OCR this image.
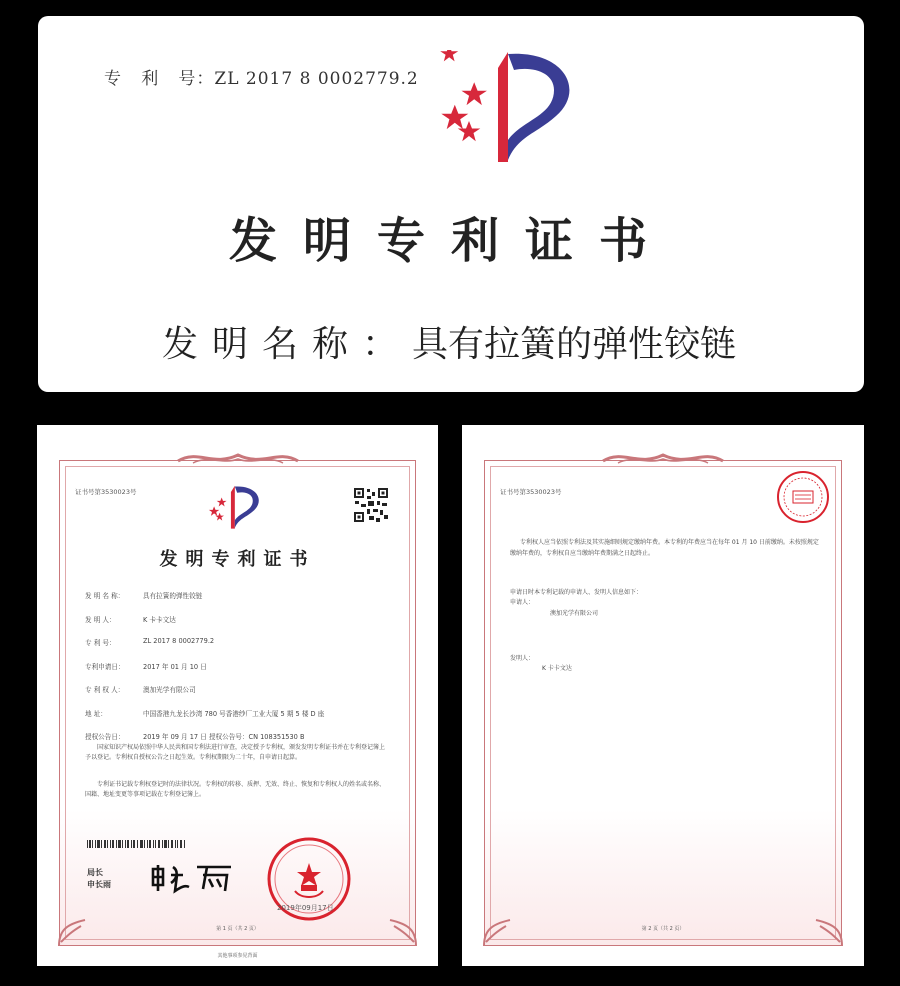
专   利   号：ZL 2017 8 0002779.2
发明专利证书
发明名称：具有拉簧的弹性铰链
证书号第3530023号
发明专利证书
发 明 名 称：	具有拉簧的弹性铰链
发 明 人：	K 卡卡文达
专 利 号：	ZL 2017 8 0002779.2
专利申请日：	2017 年 01 月 10 日
专 利 权 人：	澳加光学有限公司
地 址：	中国香港九龙长沙湾 780 号香港纱厂工业大厦 5 期 5 楼 D 座
授权公告日：	2019 年 09 月 17 日 授权公告号：CN 108351530 B
国家知识产权局依照中华人民共和国专利法进行审查，决定授予专利权，颁发发明专利证书并在专利登记簿上予以登记。专利权自授权公告之日起生效。专利权期限为二十年，自申请日起算。
专利证书记载专利权登记时的法律状况。专利权的转移、质押、无效、终止、恢复和专利权人的姓名或名称、国籍、地址变更等事项记载在专利登记簿上。
局长
申长雨
2019年09月17日
第 1 页（共 2 页）
其他事项参见背面
证书号第3530023号
专利权人应当依照专利法及其实施细则规定缴纳年费。本专利的年费应当在每年 01 月 10 日前缴纳。未按照规定缴纳年费的，专利权自应当缴纳年费期满之日起终止。
申请日时本专利记载的申请人、发明人信息如下：
申请人：
澳加光学有限公司
发明人：
K 卡卡文达
第 2 页（共 2 页）
